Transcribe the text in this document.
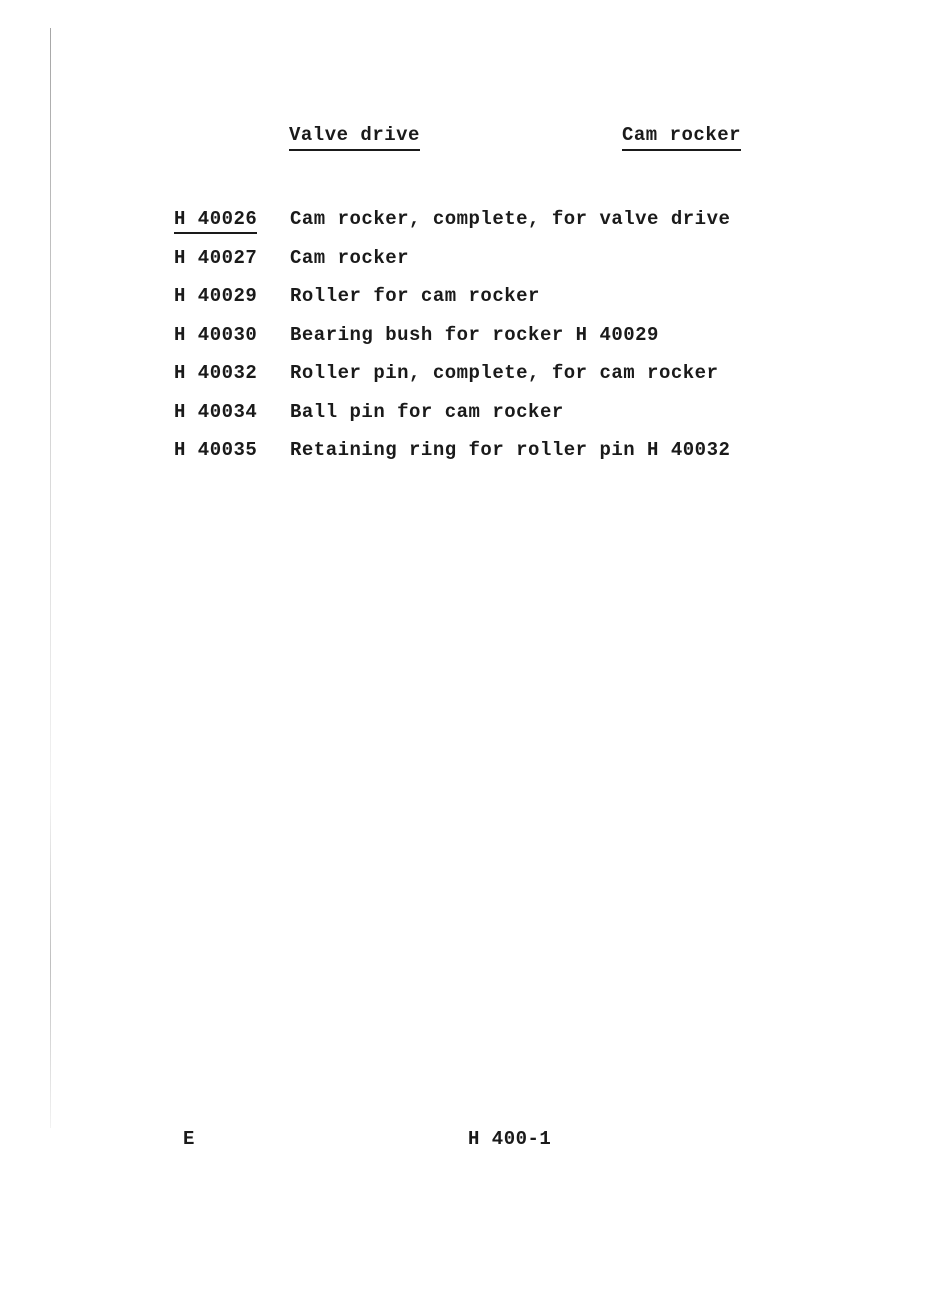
Valve drive	Cam rocker
H 40026	Cam rocker, complete, for valve drive
H 40027	Cam rocker
H 40029	Roller for cam rocker
H 40030	Bearing bush for rocker H 40029
H 40032	Roller pin, complete, for cam rocker
H 40034	Ball pin for cam rocker
H 40035	Retaining ring for roller pin H 40032
E	H 400-1
